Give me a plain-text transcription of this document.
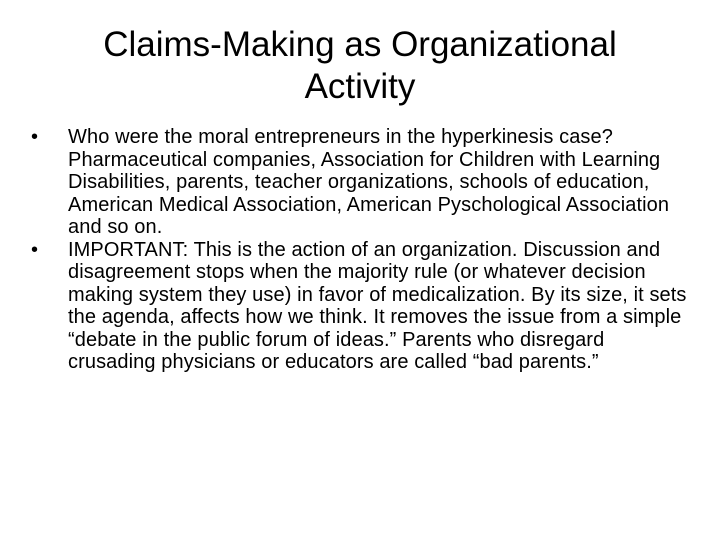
Claims-Making as Organizational
Activity
•	Who were the moral entrepreneurs in the hyperkinesis case? Pharmaceutical companies, Association for Children with Learning Disabilities, parents, teacher organizations, schools of education, American Medical Association, American Pyschological Association and so on.
•	IMPORTANT: This is the action of an organization. Discussion and disagreement stops when the majority rule (or whatever decision making system they use) in favor of medicalization. By its size, it sets the agenda, affects how we think. It removes the issue from a simple “debate in the public forum of ideas.” Parents who disregard crusading physicians or educators are called “bad parents.”
